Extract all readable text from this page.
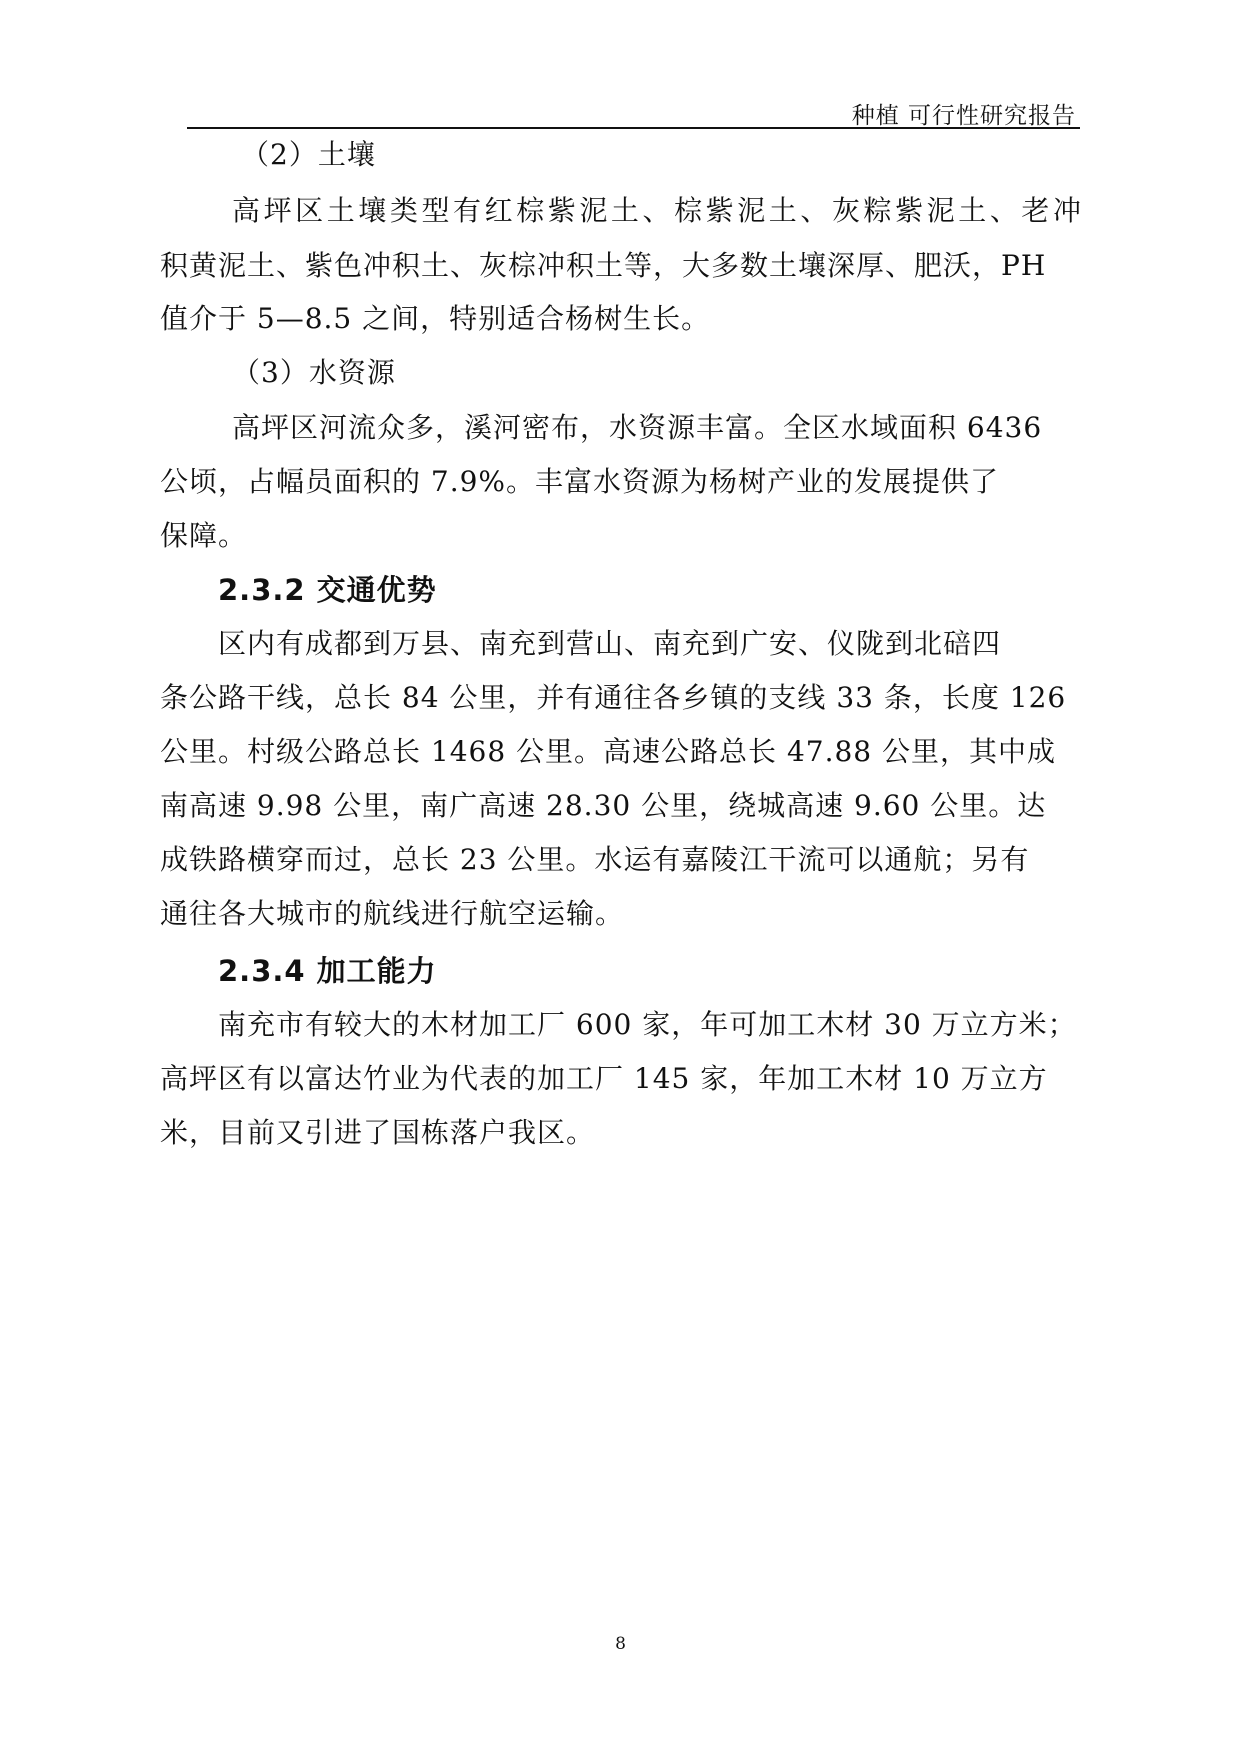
种植 可行性研究报告
（2）土壤
高坪区土壤类型有红棕紫泥土、棕紫泥土、灰粽紫泥土、老冲
积黄泥土、紫色冲积土、灰棕冲积土等，大多数土壤深厚、肥沃，PH
值介于 5—8.5 之间，特别适合杨树生长。
（3）水资源
高坪区河流众多，溪河密布，水资源丰富。全区水域面积 6436
公顷，占幅员面积的 7.9%。丰富水资源为杨树产业的发展提供了
保障。
2.3.2 交通优势
区内有成都到万县、南充到营山、南充到广安、仪陇到北碚四
条公路干线，总长 84 公里，并有通往各乡镇的支线 33 条，长度 126
公里。村级公路总长 1468 公里。高速公路总长 47.88 公里，其中成
南高速 9.98 公里，南广高速 28.30 公里，绕城高速 9.60 公里。达
成铁路横穿而过，总长 23 公里。水运有嘉陵江干流可以通航；另有
通往各大城市的航线进行航空运输。
2.3.4 加工能力
南充市有较大的木材加工厂 600 家，年可加工木材 30 万立方米；
高坪区有以富达竹业为代表的加工厂 145 家，年加工木材 10 万立方
米，目前又引进了国栋落户我区。
8
